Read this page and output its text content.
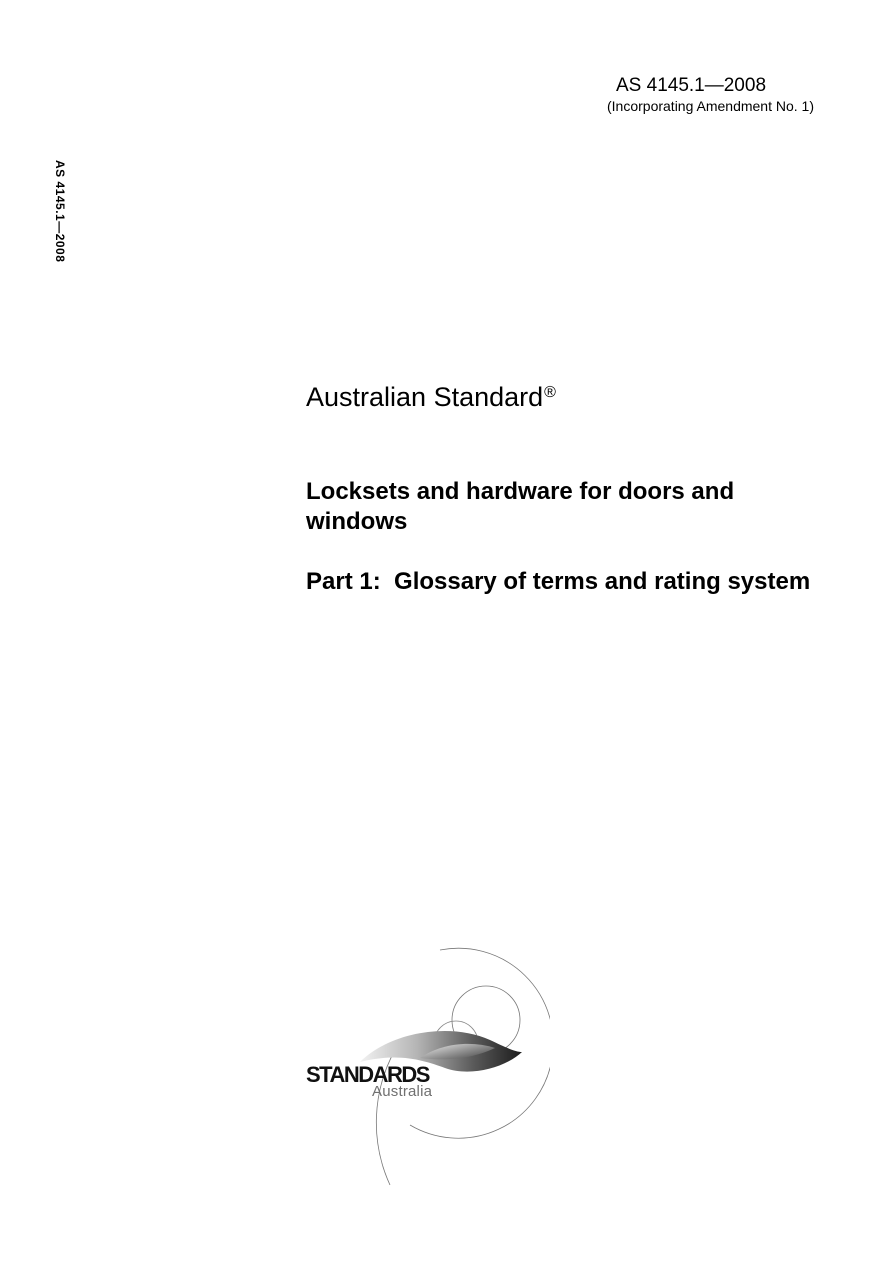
AS 4145.1—2008
(Incorporating Amendment No. 1)
AS 4145.1—2008
Australian Standard®
Locksets and hardware for doors and windows
Part 1:  Glossary of terms and rating system
STANDARDS
Australia
